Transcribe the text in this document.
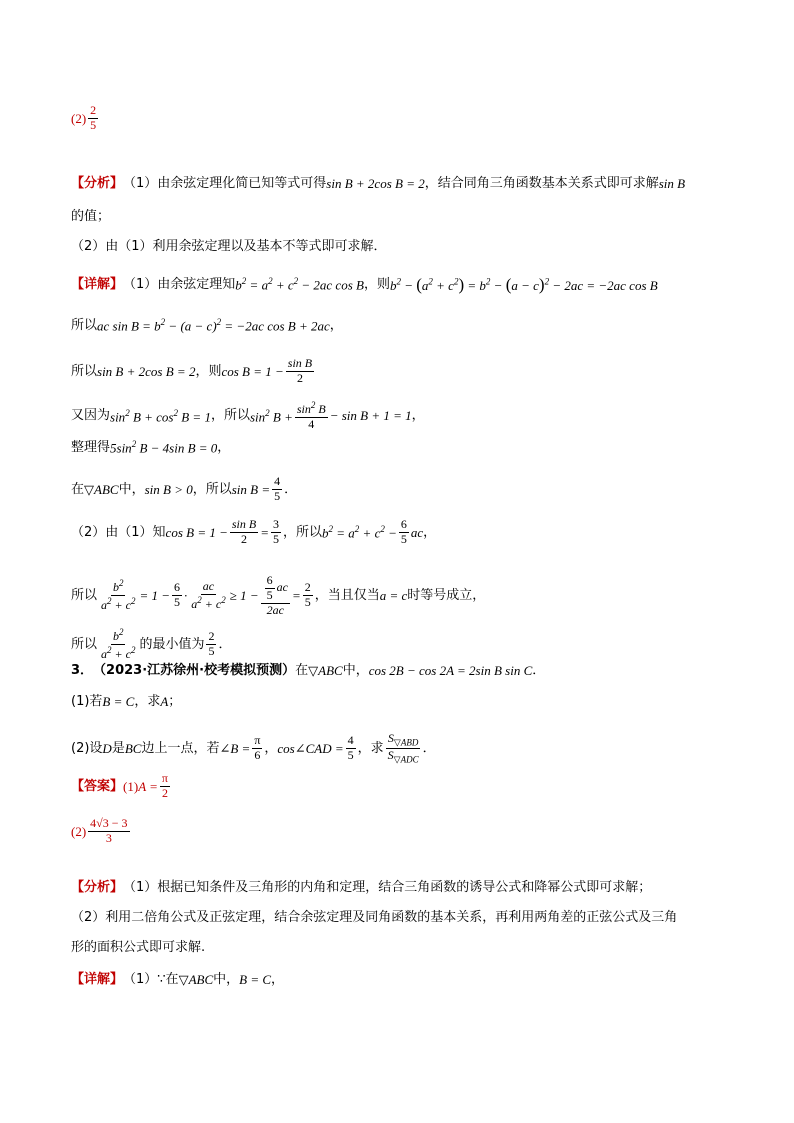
$(2) \frac{2}{5}$
【分析】 （1）由余弦定理化简已知等式可得 sin B + 2cos B = 2 ，结合同角三角函数基本关系式即可求解 sin B
的值；
（2）由（1）利用余弦定理以及基本不等式即可求解．
【详解】 （1）由余弦定理知 $b^2 = a^2 + c^2 - 2ac$ cos B ，则 $b^2 - (a^2 + c^2) = b^2 - (a - c)^2 - 2ac = -2ac$ cos B
所以 ac $\sin B = b^2 - (a - c)^2 = -2ac$ cos B + 2ac ，
所以 sin B + 2cos B = 2 ，则 $\cos B = 1 - \frac{\text{sin B}}{2}$
又因为 $\sin^2 B + \cos^2 B = 1$ ，所以 $\sin^2 B + \frac{\sin^2 B}{4} - \sin B + 1 = 1$ ，
整理得 $5\sin^2$ B − 4sin B = 0 ，
在 ▽ABC 中， sin B > 0 ，所以 $\sin B = \frac{4}{5}$ ．
（2）由（1）知 $\cos B = 1 - \frac{\text{sin B}}{2} = \frac{3}{5}$ ，所以 $b^2 = a^2 + c^2 - \frac{6}{5}$ ac ，
所以 $\frac{b^2}{a^2 + c^2} = 1 - \frac{6}{5} \cdot \frac{ac}{a^2 + c^2} \ge 1 - \frac{\frac{6}{5} ac}{2ac} = \frac{2}{5}$ ，当且仅当 a = c 时等号成立，
所以 $\frac{b^2}{a^2 + c^2}$ 的最小值为 $\frac{2}{5}$ ．
3． （2023·江苏徐州·校考模拟预测） 在 ▽ABC 中， cos 2B − cos 2A = 2sin B sin C ．
(1)若 B = C ，求 A ；
(2)设 D 是 BC 边上一点，若 ∠B = $\frac{\pi}{6}$ ， cos∠CAD = $\frac{4}{5}$ ，求 $\frac{S_{▽ABD}}{S_{▽ADC}}$ ．
【答案】 (1) $A = \frac{\pi}{2}$
$(2) \frac{4√3 - 3}{3}$
【分析】 （1）根据已知条件及三角形的内角和定理，结合三角函数的诱导公式和降幂公式即可求解；
（2）利用二倍角公式及正弦定理，结合余弦定理及同角函数的基本关系，再利用两角差的正弦公式及三角
形的面积公式即可求解.
【详解】 （1）∵在 ▽ABC 中， B = C ，
